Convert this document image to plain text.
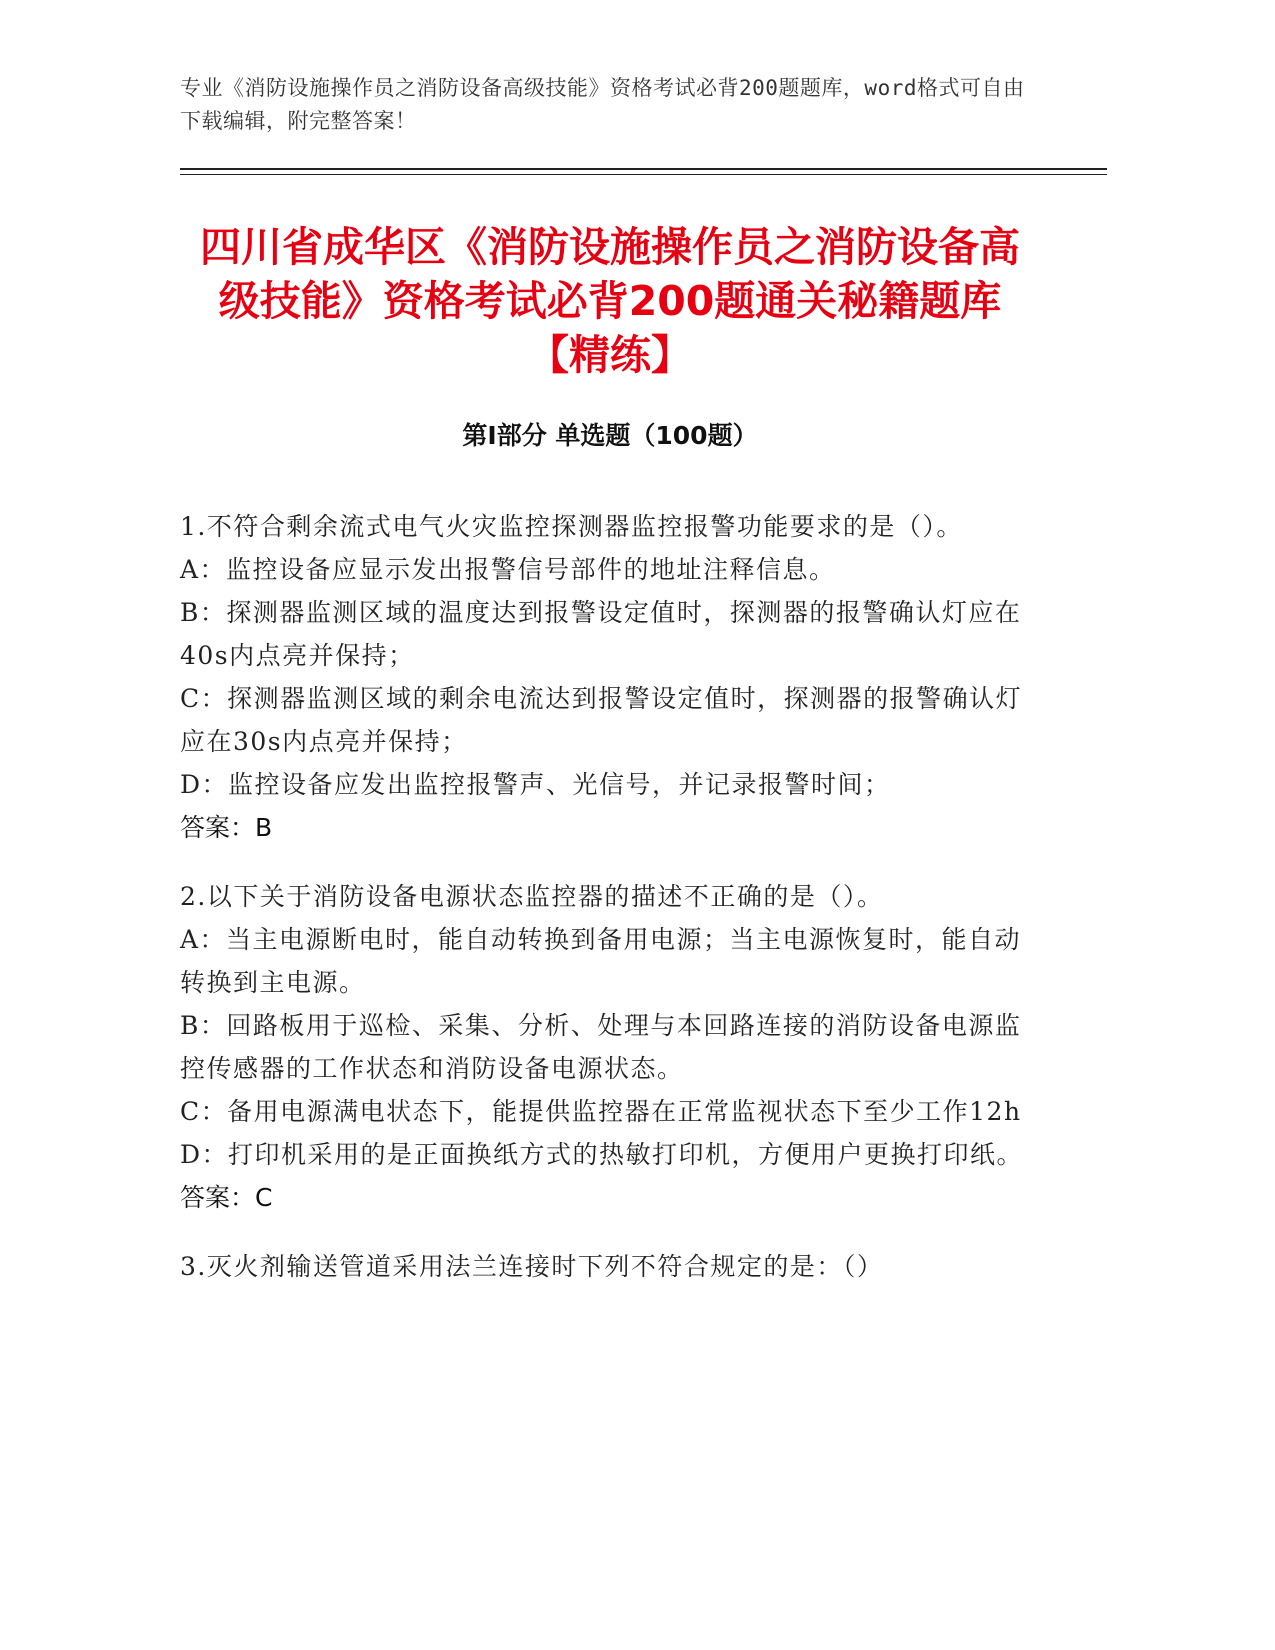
专业《消防设施操作员之消防设备高级技能》资格考试必背200题题库，word格式可自由下载编辑，附完整答案！
四川省成华区《消防设施操作员之消防设备高级技能》资格考试必背200题通关秘籍题库【精练】
第Ⅰ部分 单选题（100题）
1.不符合剩余流式电气火灾监控探测器监控报警功能要求的是（）。
A：监控设备应显示发出报警信号部件的地址注释信息。
B：探测器监测区域的温度达到报警设定值时，探测器的报警确认灯应在40s内点亮并保持；
C：探测器监测区域的剩余电流达到报警设定值时，探测器的报警确认灯应在30s内点亮并保持；
D：监控设备应发出监控报警声、光信号，并记录报警时间；
答案：B
2.以下关于消防设备电源状态监控器的描述不正确的是（）。
A：当主电源断电时，能自动转换到备用电源；当主电源恢复时，能自动转换到主电源。
B：回路板用于巡检、采集、分析、处理与本回路连接的消防设备电源监控传感器的工作状态和消防设备电源状态。
C：备用电源满电状态下，能提供监控器在正常监视状态下至少工作12h
D：打印机采用的是正面换纸方式的热敏打印机，方便用户更换打印纸。
答案：C
3.灭火剂输送管道采用法兰连接时下列不符合规定的是：（）
